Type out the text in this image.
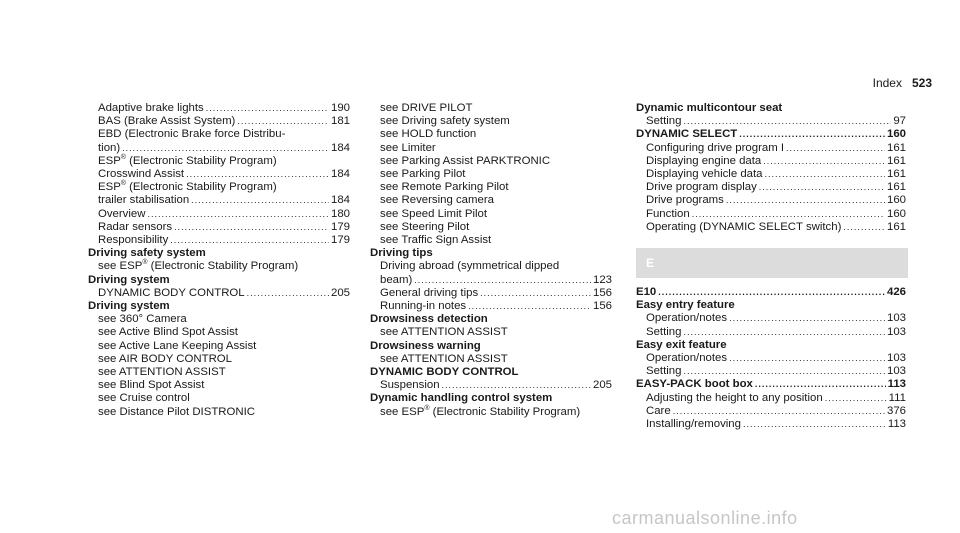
Index 523
Adaptive brake lights .....	190
BAS (Brake Assist System) .....	181
EBD (Electronic Brake force Distribu-
tion) .....	184
ESP® (Electronic Stability Program)
Crosswind Assist .....	184
ESP® (Electronic Stability Program)
trailer stabilisation .....	184
Overview .....	180
Radar sensors .....	179
Responsibility .....	179
Driving safety system
see ESP® (Electronic Stability Program)
Driving system
DYNAMIC BODY CONTROL .....	205
Driving system
see 360° Camera
see Active Blind Spot Assist
see Active Lane Keeping Assist
see AIR BODY CONTROL
see ATTENTION ASSIST
see Blind Spot Assist
see Cruise control
see Distance Pilot DISTRONIC
see DRIVE PILOT
see Driving safety system
see HOLD function
see Limiter
see Parking Assist PARKTRONIC
see Parking Pilot
see Remote Parking Pilot
see Reversing camera
see Speed Limit Pilot
see Steering Pilot
see Traffic Sign Assist
Driving tips
Driving abroad (symmetrical dipped
beam) .....	123
General driving tips .....	156
Running-in notes .....	156
Drowsiness detection
see ATTENTION ASSIST
Drowsiness warning
see ATTENTION ASSIST
DYNAMIC BODY CONTROL
Suspension .....	205
Dynamic handling control system
see ESP® (Electronic Stability Program)
Dynamic multicontour seat
Setting .....	97
DYNAMIC SELECT .....	160
Configuring drive program I .....	161
Displaying engine data .....	161
Displaying vehicle data .....	161
Drive program display .....	161
Drive programs .....	160
Function .....	160
Operating (DYNAMIC SELECT switch) .....	161
E
E10 .....	426
Easy entry feature
Operation/notes .....	103
Setting .....	103
Easy exit feature
Operation/notes .....	103
Setting .....	103
EASY-PACK boot box .....	113
Adjusting the height to any position .....	111
Care .....	376
Installing/removing .....	113
carmanualsonline.info
